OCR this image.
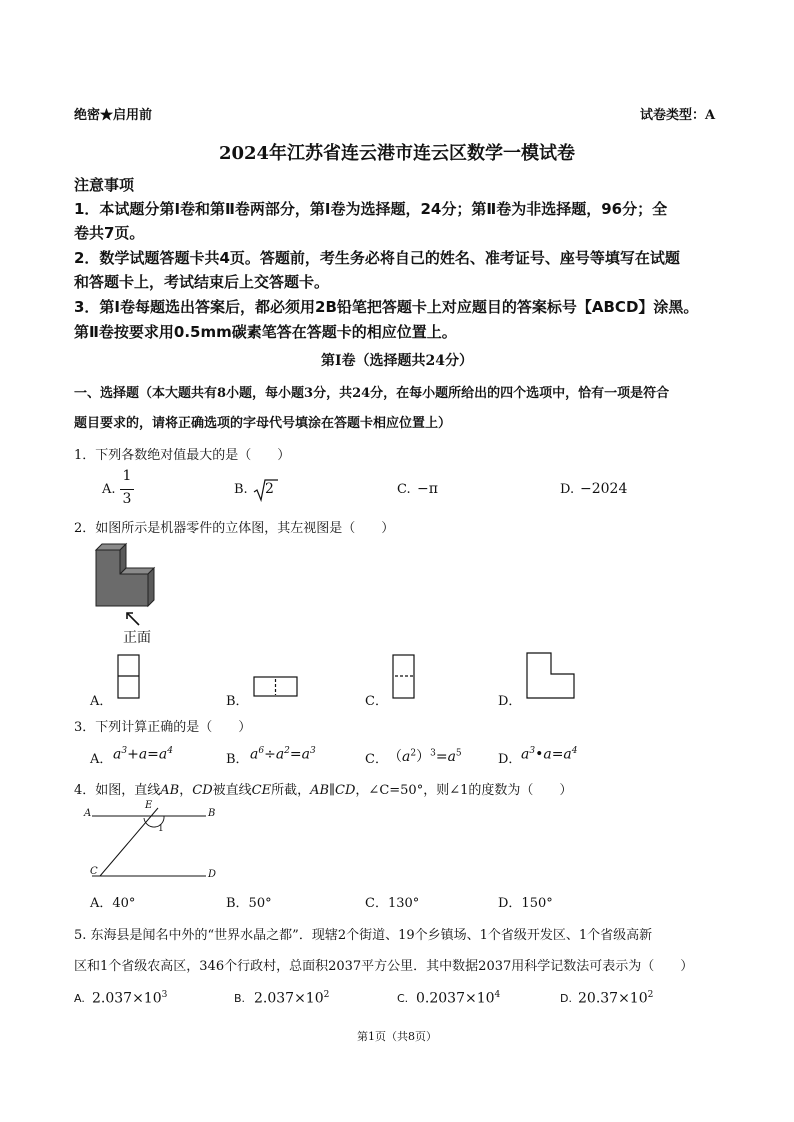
绝密★启用前	试卷类型：A
2024年江苏省连云港市连云区数学一模试卷
注意事项
1．本试题分第Ⅰ卷和第Ⅱ卷两部分，第Ⅰ卷为选择题，24分；第Ⅱ卷为非选择题，96分；全
卷共7页。
2．数学试题答题卡共4页。答题前，考生务必将自己的姓名、准考证号、座号等填写在试题
和答题卡上，考试结束后上交答题卡。
3．第Ⅰ卷每题选出答案后，都必须用2B铅笔把答题卡上对应题目的答案标号【ABCD】涂黑。
第Ⅱ卷按要求用0.5mm碳素笔答在答题卡的相应位置上。
第Ⅰ卷（选择题共24分）
一、选择题（本大题共有8小题，每小题3分，共24分，在每小题所给出的四个选项中，恰有一项是符合
题目要求的，请将正确选项的字母代号填涂在答题卡相应位置上）
1．下列各数绝对值最大的是（　　）
A.
1
3
B. 2	C. −π	D. −2024
2．如图所示是机器零件的立体图，其左视图是（　　）
正面
A．	B．	C．	D．
3．下列计算正确的是（　　）
A． $a^3+a=a^4$
B． $a^6\div a^2=a^3$
C． $(a^2)^3=a^5$	D． $a^3•a=a^4$
4．如图，直线AB，CD被直线CE所截，AB∥CD，∠C=50°，则∠1的度数为（　　）
A	B
C	D
E
1
A．40°	B．50°	C．130°	D．150°
5. 东海县是闻名中外的“世界水晶之都”．现辖2个街道、19个乡镇场、1个省级开发区、1个省级高新
区和1个省级农高区，346个行政村，总面积2037平方公里．其中数据2037用科学记数法可表示为（　　）
A. $2.037\times 10^3$	B. $2.037\times 10^2$	C. $0.2037\times 10^4$	D. $20.37\times 10^2$
第1页（共8页）
